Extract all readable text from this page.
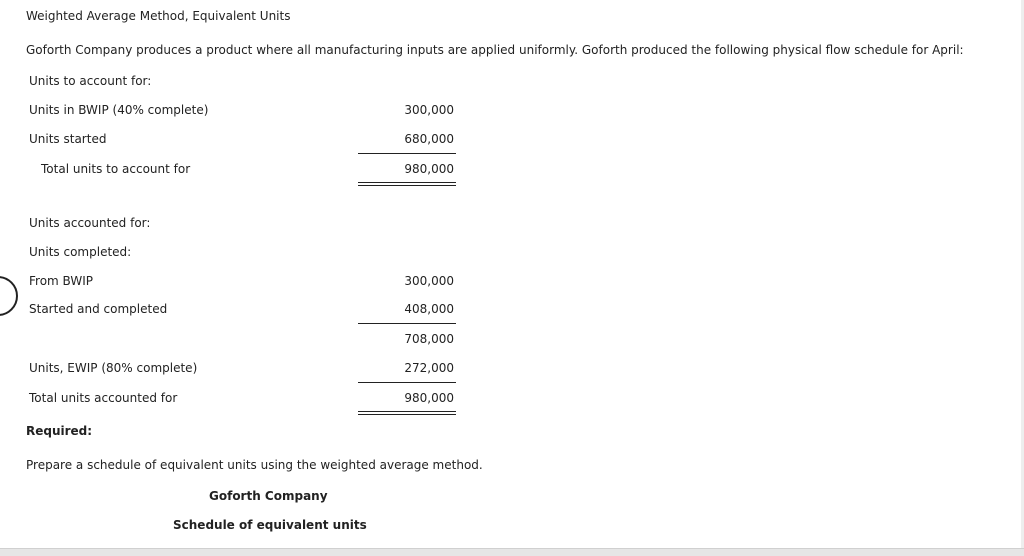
Weighted Average Method, Equivalent Units
Goforth Company produces a product where all manufacturing inputs are applied uniformly. Goforth produced the following physical flow schedule for April:
Units to account for:
Units in BWIP (40% complete)	300,000
Units started	680,000
Total units to account for	980,000
Units accounted for:
Units completed:
From BWIP	300,000
Started and completed	408,000
708,000
Units, EWIP (80% complete)	272,000
Total units accounted for	980,000
Required:
Prepare a schedule of equivalent units using the weighted average method.
Goforth Company
Schedule of equivalent units
